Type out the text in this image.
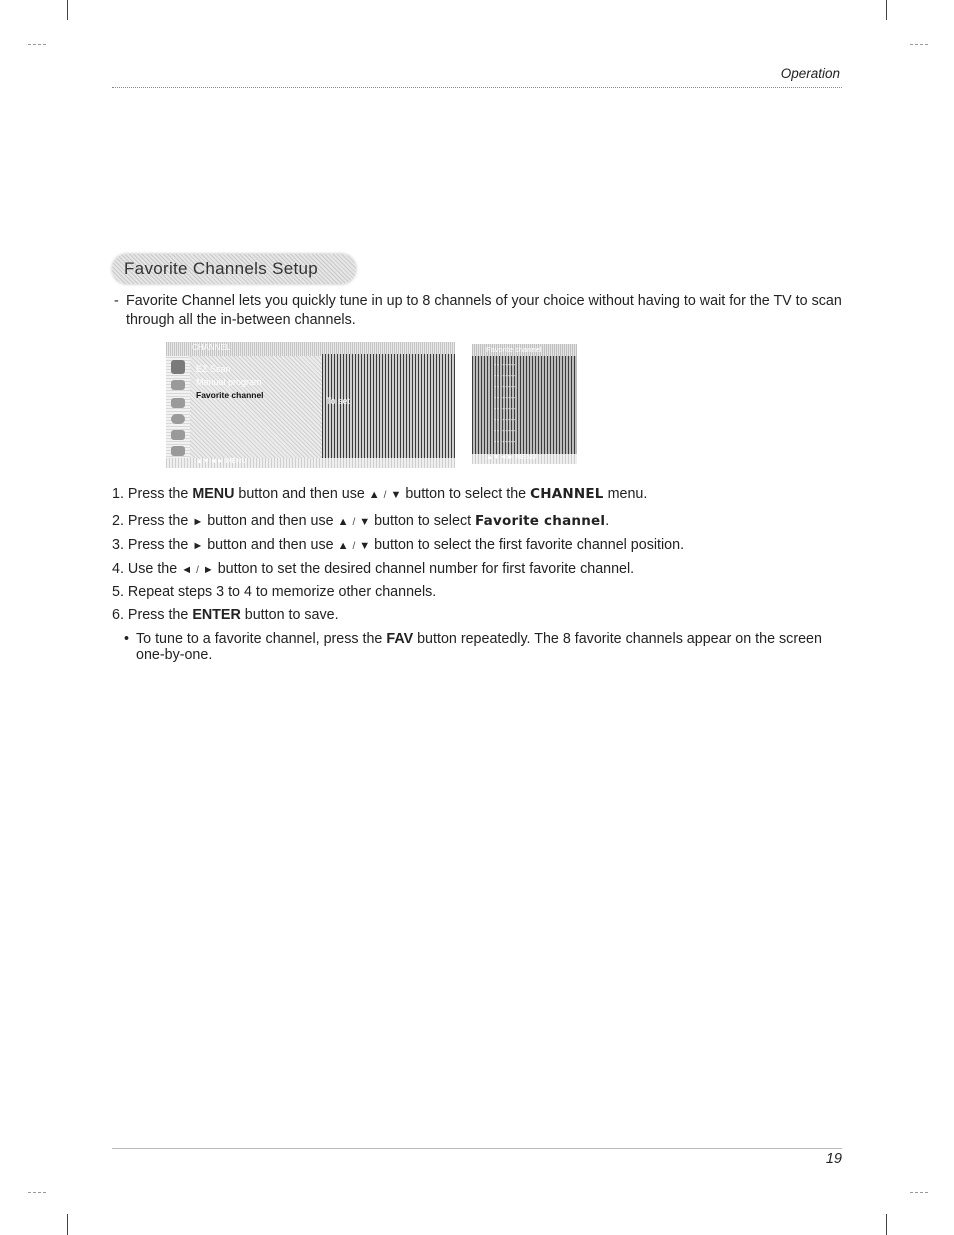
Operation
Favorite Channels Setup
- Favorite Channel lets you quickly tune in up to 8 channels of your choice without having to wait for the TV to scan through all the in-between channels.
CHANNEL
EZ Scan
Manual program
Favorite channel
To set
▲▼◄► MENU
Favorite channel
-- -----
-- -----
-- -----
-- -----
-- -----
-- -----
-- -----
-- -----
▲▼◄► MENU
1. Press the MENU button and then use ▲ / ▼ button to select the CHANNEL menu.
2. Press the ► button and then use ▲ / ▼ button to select Favorite channel.
3. Press the ► button and then use ▲ / ▼ button to select the first favorite channel position.
4. Use the ◄ / ► button to set the desired channel number for first favorite channel.
5. Repeat steps 3 to 4 to memorize other channels.
6. Press the ENTER button to save.
• To tune to a favorite channel, press the FAV button repeatedly. The 8 favorite channels appear on the screen one-by-one.
19
